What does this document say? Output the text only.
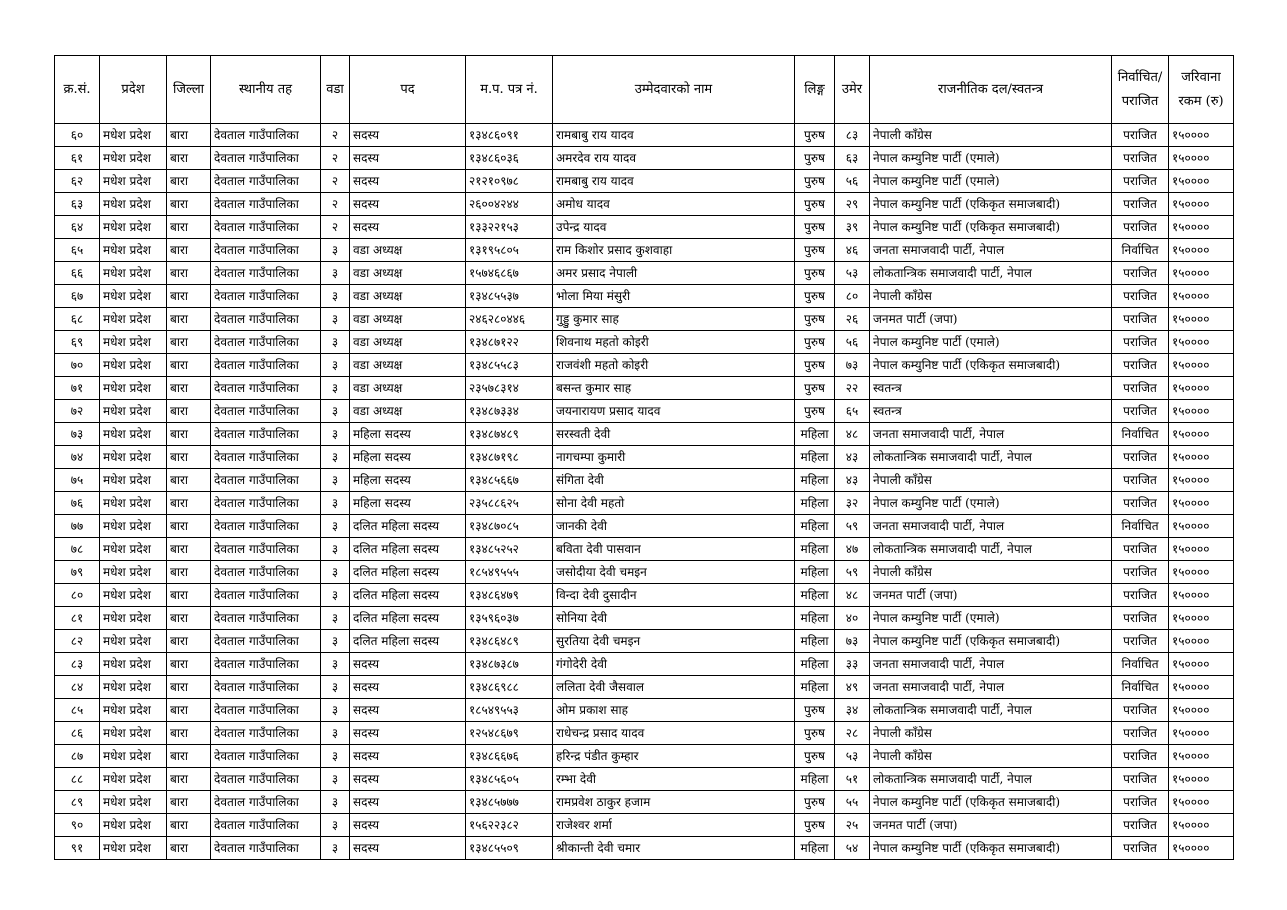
क्र.सं.	प्रदेश	जिल्ला	स्थानीय तह	वडा	पद	म.प. पत्र नं.	उम्मेदवारको नाम	लिङ्ग	उमेर	राजनीतिक दल/स्वतन्त्र	निर्वाचित/ पराजित	जरिवाना रकम (रु)
६०	मधेश प्रदेश	बारा	देवताल गाउँपालिका	२	सदस्य	१३४८६०९१	रामबाबु राय यादव	पुरुष	८३	नेपाली काँग्रेस	पराजित	१५००००
६१	मधेश प्रदेश	बारा	देवताल गाउँपालिका	२	सदस्य	१३४८६०३६	अमरदेव राय यादव	पुरुष	६३	नेपाल कम्युनिष्ट पार्टी (एमाले)	पराजित	१५००००
६२	मधेश प्रदेश	बारा	देवताल गाउँपालिका	२	सदस्य	२१२१०९७८	रामबाबु राय यादव	पुरुष	५६	नेपाल कम्युनिष्ट पार्टी (एमाले)	पराजित	१५००००
६३	मधेश प्रदेश	बारा	देवताल गाउँपालिका	२	सदस्य	२६००४२४४	अमोध यादव	पुरुष	२९	नेपाल कम्युनिष्ट पार्टी (एकिकृत समाजबादी)	पराजित	१५००००
६४	मधेश प्रदेश	बारा	देवताल गाउँपालिका	२	सदस्य	१३३२२१५३	उपेन्द्र यादव	पुरुष	३९	नेपाल कम्युनिष्ट पार्टी (एकिकृत समाजबादी)	पराजित	१५००००
६५	मधेश प्रदेश	बारा	देवताल गाउँपालिका	३	वडा अध्यक्ष	१३१९५८०५	राम किशोर प्रसाद कुशवाहा	पुरुष	४६	जनता समाजवादी पार्टी, नेपाल	निर्वाचित	१५००००
६६	मधेश प्रदेश	बारा	देवताल गाउँपालिका	३	वडा अध्यक्ष	१५७४६८६७	अमर प्रसाद नेपाली	पुरुष	५३	लोकतान्त्रिक समाजवादी पार्टी, नेपाल	पराजित	१५००००
६७	मधेश प्रदेश	बारा	देवताल गाउँपालिका	३	वडा अध्यक्ष	१३४८५५३७	भोला मिया मंसुरी	पुरुष	८०	नेपाली काँग्रेस	पराजित	१५००००
६८	मधेश प्रदेश	बारा	देवताल गाउँपालिका	३	वडा अध्यक्ष	२४६२८०४४६	गुड्डु कुमार साह	पुरुष	२६	जनमत पार्टी (जपा)	पराजित	१५००००
६९	मधेश प्रदेश	बारा	देवताल गाउँपालिका	३	वडा अध्यक्ष	१३४८७१२२	शिवनाथ महतो कोइरी	पुरुष	५६	नेपाल कम्युनिष्ट पार्टी (एमाले)	पराजित	१५००००
७०	मधेश प्रदेश	बारा	देवताल गाउँपालिका	३	वडा अध्यक्ष	१३४८५५८३	राजवंशी महतो कोइरी	पुरुष	७३	नेपाल कम्युनिष्ट पार्टी (एकिकृत समाजबादी)	पराजित	१५००००
७१	मधेश प्रदेश	बारा	देवताल गाउँपालिका	३	वडा अध्यक्ष	२३५७८३१४	बसन्त कुमार साह	पुरुष	२२	स्वतन्त्र	पराजित	१५००००
७२	मधेश प्रदेश	बारा	देवताल गाउँपालिका	३	वडा अध्यक्ष	१३४८७३३४	जयनारायण प्रसाद यादव	पुरुष	६५	स्वतन्त्र	पराजित	१५००००
७३	मधेश प्रदेश	बारा	देवताल गाउँपालिका	३	महिला सदस्य	१३४८७४८९	सरस्वती देवी	महिला	४८	जनता समाजवादी पार्टी, नेपाल	निर्वाचित	१५००००
७४	मधेश प्रदेश	बारा	देवताल गाउँपालिका	३	महिला सदस्य	१३४८७१९८	नागचम्पा कुमारी	महिला	४३	लोकतान्त्रिक समाजवादी पार्टी, नेपाल	पराजित	१५००००
७५	मधेश प्रदेश	बारा	देवताल गाउँपालिका	३	महिला सदस्य	१३४८५६६७	संगिता देवी	महिला	४३	नेपाली काँग्रेस	पराजित	१५००००
७६	मधेश प्रदेश	बारा	देवताल गाउँपालिका	३	महिला सदस्य	२३५८८६२५	सोना देवी महतो	महिला	३२	नेपाल कम्युनिष्ट पार्टी (एमाले)	पराजित	१५००००
७७	मधेश प्रदेश	बारा	देवताल गाउँपालिका	३	दलित महिला सदस्य	१३४८७०८५	जानकी देवी	महिला	५९	जनता समाजवादी पार्टी, नेपाल	निर्वाचित	१५००००
७८	मधेश प्रदेश	बारा	देवताल गाउँपालिका	३	दलित महिला सदस्य	१३४८५२५२	बविता देवी पासवान	महिला	४७	लोकतान्त्रिक समाजवादी पार्टी, नेपाल	पराजित	१५००००
७९	मधेश प्रदेश	बारा	देवताल गाउँपालिका	३	दलित महिला सदस्य	१८५४९५५५	जसोदीया देवी चमइन	महिला	५९	नेपाली काँग्रेस	पराजित	१५००००
८०	मधेश प्रदेश	बारा	देवताल गाउँपालिका	३	दलित महिला सदस्य	१३४८६४७९	विन्दा देवी दुसादीन	महिला	४८	जनमत पार्टी (जपा)	पराजित	१५००००
८१	मधेश प्रदेश	बारा	देवताल गाउँपालिका	३	दलित महिला सदस्य	१३५९६०३७	सोनिया देवी	महिला	४०	नेपाल कम्युनिष्ट पार्टी (एमाले)	पराजित	१५००००
८२	मधेश प्रदेश	बारा	देवताल गाउँपालिका	३	दलित महिला सदस्य	१३४८६४८९	सुरतिया देवी चमइन	महिला	७३	नेपाल कम्युनिष्ट पार्टी (एकिकृत समाजबादी)	पराजित	१५००००
८३	मधेश प्रदेश	बारा	देवताल गाउँपालिका	३	सदस्य	१३४८७३८७	गंगोदेरी देवी	महिला	३३	जनता समाजवादी पार्टी, नेपाल	निर्वाचित	१५००००
८४	मधेश प्रदेश	बारा	देवताल गाउँपालिका	३	सदस्य	१३४८६९८८	ललिता देवी जैसवाल	महिला	४९	जनता समाजवादी पार्टी, नेपाल	निर्वाचित	१५००००
८५	मधेश प्रदेश	बारा	देवताल गाउँपालिका	३	सदस्य	१८५४९५५३	ओम प्रकाश साह	पुरुष	३४	लोकतान्त्रिक समाजवादी पार्टी, नेपाल	पराजित	१५००००
८६	मधेश प्रदेश	बारा	देवताल गाउँपालिका	३	सदस्य	१२५४८६७९	राधेचन्द्र प्रसाद यादव	पुरुष	२८	नेपाली काँग्रेस	पराजित	१५००००
८७	मधेश प्रदेश	बारा	देवताल गाउँपालिका	३	सदस्य	१३४८६६७६	हरिन्द्र पंडीत कुम्हार	पुरुष	५३	नेपाली काँग्रेस	पराजित	१५००००
८८	मधेश प्रदेश	बारा	देवताल गाउँपालिका	३	सदस्य	१३४८५६०५	रम्भा देवी	महिला	५१	लोकतान्त्रिक समाजवादी पार्टी, नेपाल	पराजित	१५००००
८९	मधेश प्रदेश	बारा	देवताल गाउँपालिका	३	सदस्य	१३४८५७७७	रामप्रवेश ठाकुर हजाम	पुरुष	५५	नेपाल कम्युनिष्ट पार्टी (एकिकृत समाजबादी)	पराजित	१५००००
९०	मधेश प्रदेश	बारा	देवताल गाउँपालिका	३	सदस्य	१५६२२३८२	राजेश्वर शर्मा	पुरुष	२५	जनमत पार्टी (जपा)	पराजित	१५००००
९१	मधेश प्रदेश	बारा	देवताल गाउँपालिका	३	सदस्य	१३४८५५०९	श्रीकान्ती देवी चमार	महिला	५४	नेपाल कम्युनिष्ट पार्टी (एकिकृत समाजबादी)	पराजित	१५००००
